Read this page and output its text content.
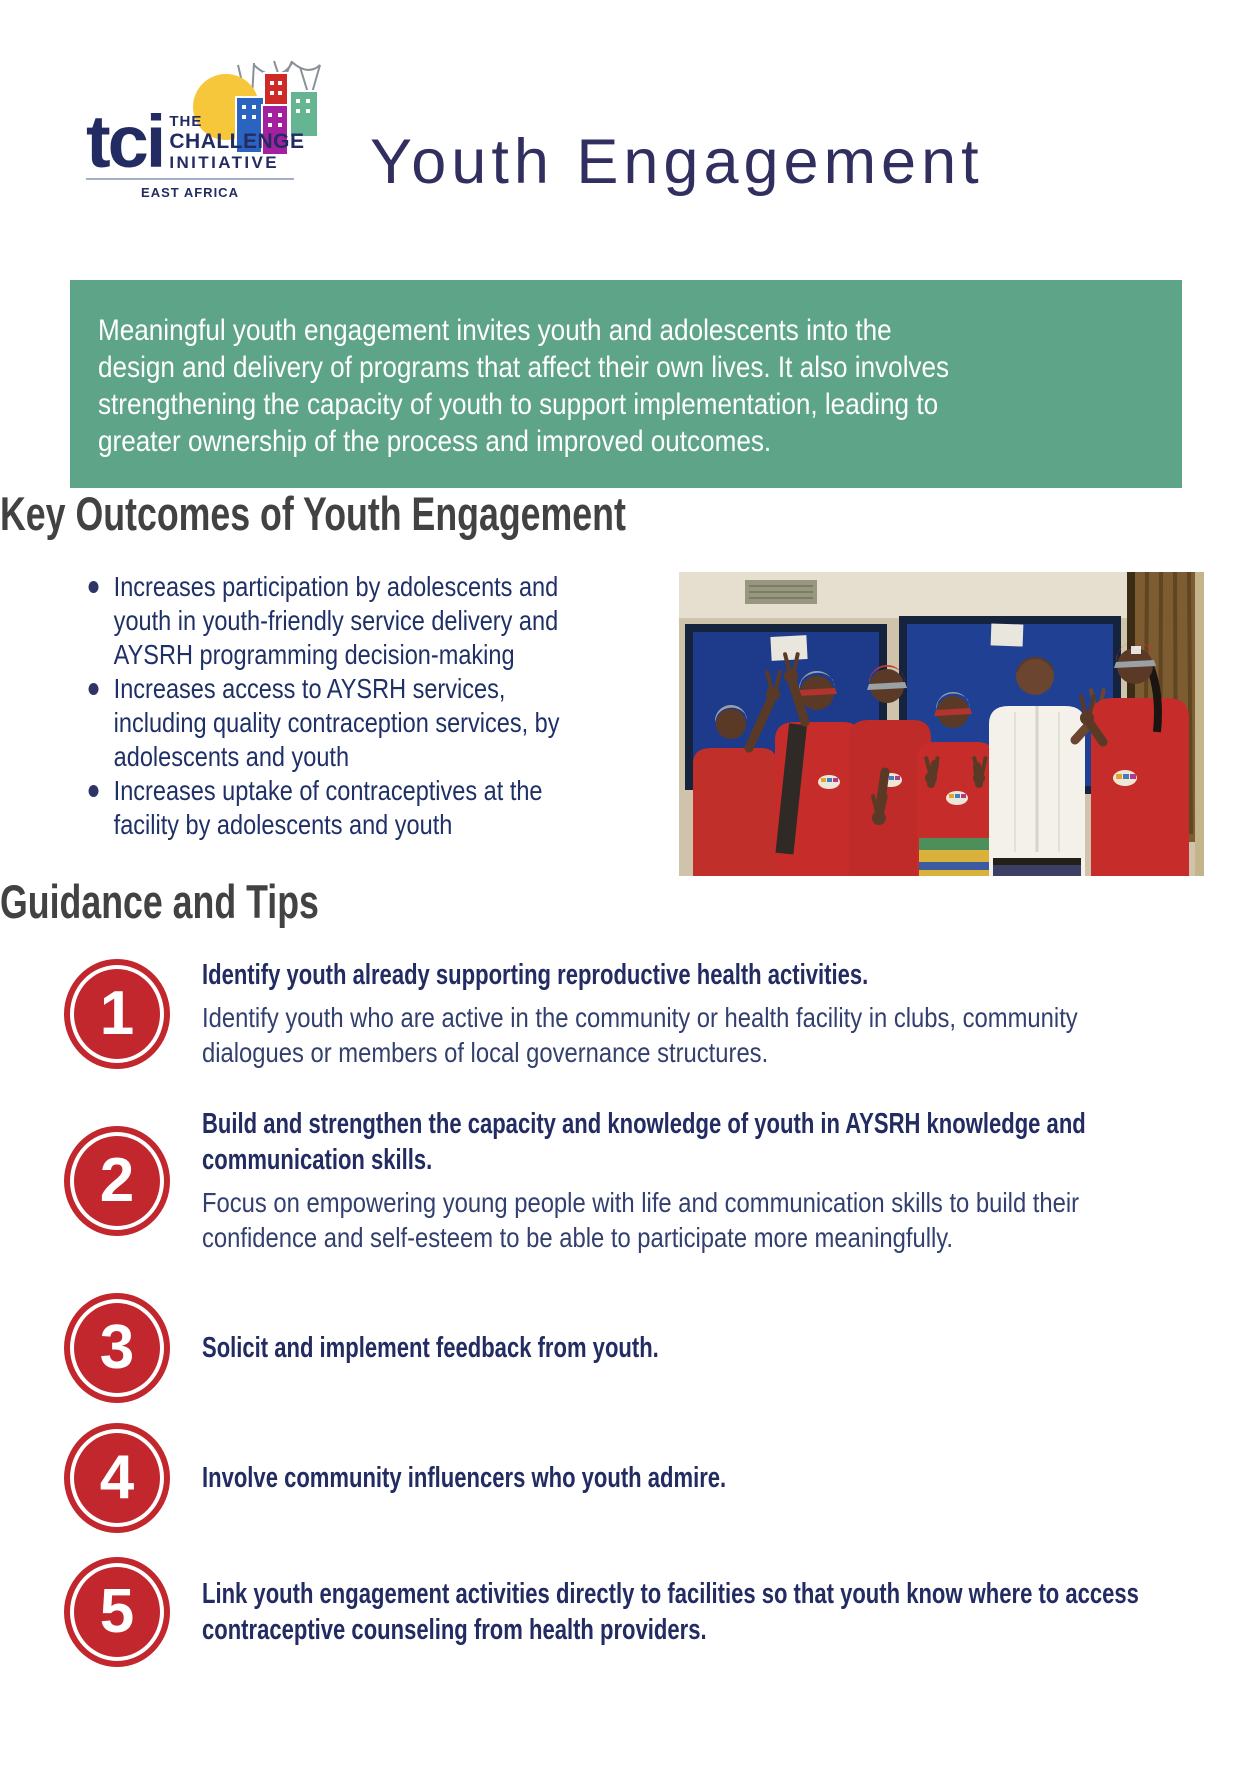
tci THE
CHALLENGE
INITIATIVE
EAST AFRICA	Youth Engagement
Meaningful youth engagement invites youth and adolescents into the
design and delivery of programs that affect their own lives. It also involves
strengthening the capacity of youth to support implementation, leading to
greater ownership of the process and improved outcomes.
Key Outcomes of Youth Engagement
Increases participation by adolescents and youth in youth-friendly service delivery and AYSRH programming decision-making
Increases access to AYSRH services, including quality contraception services, by adolescents and youth
Increases uptake of contraceptives at the facility by adolescents and youth
Guidance and Tips
1
Identify youth already supporting reproductive health activities.

Identify youth who are active in the community or health facility in clubs, community dialogues or members of local governance structures.

2
Build and strengthen the capacity and knowledge of youth in AYSRH knowledge and communication skills.

Focus on empowering young people with life and communication skills to build their confidence and self-esteem to be able to participate more meaningfully.

3 Solicit and implement feedback from youth.
4 Involve community influencers who youth admire.
5 Link youth engagement activities directly to facilities so that youth know where to access contraceptive counseling from health providers.
